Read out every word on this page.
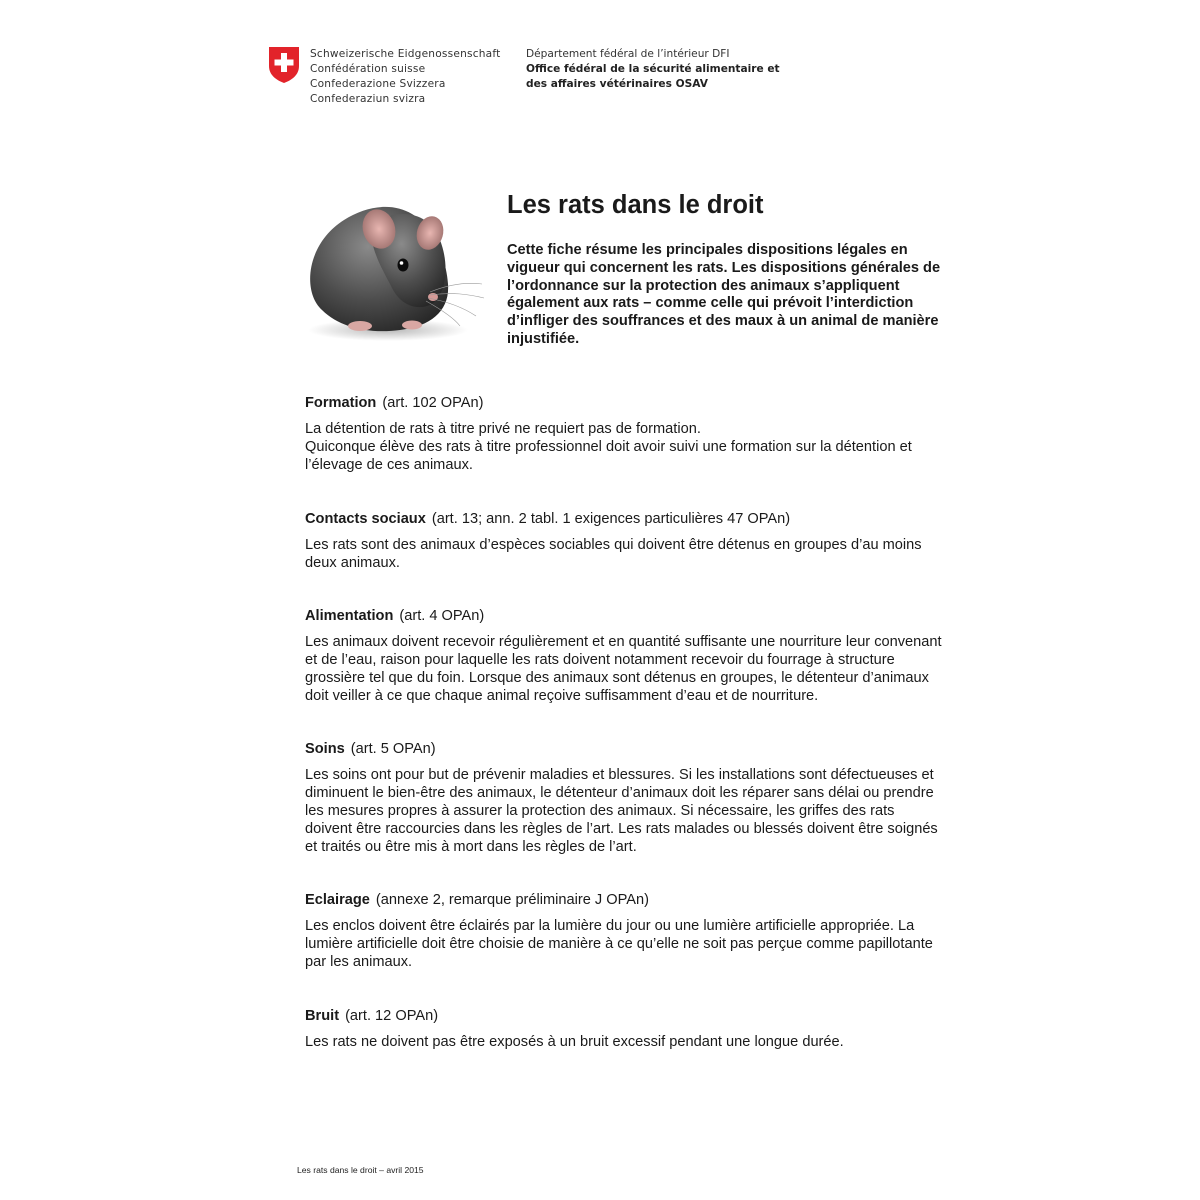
Schweizerische Eidgenossenschaft
Confédération suisse
Confederazione Svizzera
Confederaziun svizra
Département fédéral de l’intérieur DFI
Office fédéral de la sécurité alimentaire et
des affaires vétérinaires OSAV
Les rats dans le droit

Cette fiche résume les principales dispositions légales en vigueur qui concernent les rats. Les dispositions générales de l’ordonnance sur la protection des animaux s’appliquent également aux rats – comme celle qui prévoit l’interdiction d’infliger des souffrances et des maux à un animal de manière injustifiée.

Formation (art. 102 OPAn)

La détention de rats à titre privé ne requiert pas de formation.
Quiconque élève des rats à titre professionnel doit avoir suivi une formation sur la détention et l’élevage de ces animaux.

Contacts sociaux (art. 13; ann. 2 tabl. 1 exigences particulières 47 OPAn)

Les rats sont des animaux d’espèces sociables qui doivent être détenus en groupes d’au moins deux animaux.

Alimentation (art. 4 OPAn)

Les animaux doivent recevoir régulièrement et en quantité suffisante une nourriture leur convenant et de l’eau, raison pour laquelle les rats doivent notamment recevoir du fourrage à structure grossière tel que du foin. Lorsque des animaux sont détenus en groupes, le détenteur d’animaux doit veiller à ce que chaque animal reçoive suffisamment d’eau et de nourriture.

Soins (art. 5 OPAn)

Les soins ont pour but de prévenir maladies et blessures. Si les installations sont défectueuses et diminuent le bien-être des animaux, le détenteur d’animaux doit les réparer sans délai ou prendre les mesures propres à assurer la protection des animaux. Si nécessaire, les griffes des rats doivent être raccourcies dans les règles de l’art. Les rats malades ou blessés doivent être soignés et traités ou être mis à mort dans les règles de l’art.

Eclairage (annexe 2, remarque préliminaire J OPAn)

Les enclos doivent être éclairés par la lumière du jour ou une lumière artificielle appropriée. La lumière artificielle doit être choisie de manière à ce qu’elle ne soit pas perçue comme papillotante par les animaux.

Bruit (art. 12 OPAn)

Les rats ne doivent pas être exposés à un bruit excessif pendant une longue durée.

Les rats dans le droit – avril 2015
